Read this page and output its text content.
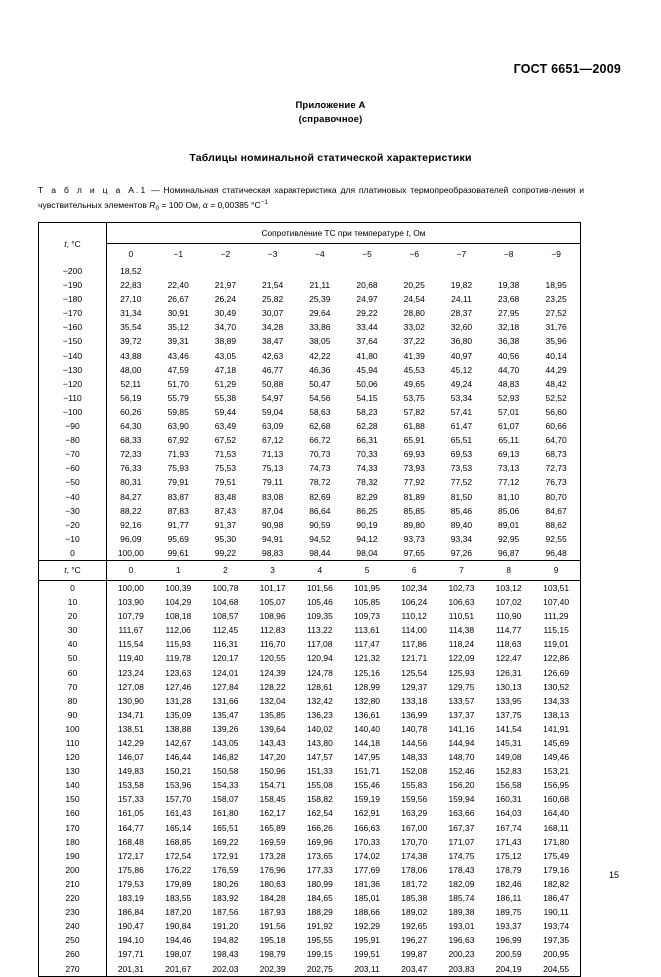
ГОСТ 6651—2009
Приложение А
(справочное)
Таблицы номинальной статической характеристики
Т а б л и ц а А.1 — Номинальная статическая характеристика для платиновых термопреобразователей сопротив-ления и чувствительных элементов $R_0 = 100$ Ом, α = 0,00385 $^\circ C^{-1}$
t, °C	Сопротивление ТС при температуре t, Ом									
	0	−1	−2	−3	−4	−5	−6	−7	−8	−9
−200	18,52									
−190	22,83	22,40	21,97	21,54	21,11	20,68	20,25	19,82	19,38	18,95
−180	27,10	26,67	26,24	25,82	25,39	24,97	24,54	24,11	23,68	23,25
−170	31,34	30,91	30,49	30,07	29,64	29,22	28,80	28,37	27,95	27,52
−160	35,54	35,12	34,70	34,28	33,86	33,44	33,02	32,60	32,18	31,76
−150	39,72	39,31	38,89	38,47	38,05	37,64	37,22	36,80	36,38	35,96
−140	43,88	43,46	43,05	42,63	42,22	41,80	41,39	40,97	40,56	40,14
−130	48,00	47,59	47,18	46,77	46,36	45,94	45,53	45,12	44,70	44,29
−120	52,11	51,70	51,29	50,88	50,47	50,06	49,65	49,24	48,83	48,42
−110	56,19	55,79	55,38	54,97	54,56	54,15	53,75	53,34	52,93	52,52
−100	60,26	59,85	59,44	59,04	58,63	58,23	57,82	57,41	57,01	56,60
−90	64,30	63,90	63,49	63,09	62,68	62,28	61,88	61,47	61,07	60,66
−80	68,33	67,92	67,52	67,12	66,72	66,31	65,91	65,51	65,11	64,70
−70	72,33	71,93	71,53	71,13	70,73	70,33	69,93	69,53	69,13	68,73
−60	76,33	75,93	75,53	75,13	74,73	74,33	73,93	73,53	73,13	72,73
−50	80,31	79,91	79,51	79,11	78,72	78,32	77,92	77,52	77,12	76,73
−40	84,27	83,87	83,48	83,08	82,69	82,29	81,89	81,50	81,10	80,70
−30	88,22	87,83	87,43	87,04	86,64	86,25	85,85	85,46	85,06	84,67
−20	92,16	91,77	91,37	90,98	90,59	90,19	89,80	89,40	89,01	88,62
−10	96,09	95,69	95,30	94,91	94,52	94,12	93,73	93,34	92,95	92,55
0	100,00	99,61	99,22	98,83	98,44	98,04	97,65	97,26	96,87	96,48
t, °C	0	1	2	3	4	5	6	7	8	9
0	100,00	100,39	100,78	101,17	101,56	101,95	102,34	102,73	103,12	103,51
10	103,90	104,29	104,68	105,07	105,46	105,85	106,24	106,63	107,02	107,40
20	107,79	108,18	108,57	108,96	109,35	109,73	110,12	110,51	110,90	111,29
30	111,67	112,06	112,45	112,83	113,22	113,61	114,00	114,38	114,77	115,15
40	115,54	115,93	116,31	116,70	117,08	117,47	117,86	118,24	118,63	119,01
50	119,40	119,78	120,17	120,55	120,94	121,32	121,71	122,09	122,47	122,86
60	123,24	123,63	124,01	124,39	124,78	125,16	125,54	125,93	126,31	126,69
70	127,08	127,46	127,84	128,22	128,61	128,99	129,37	129,75	130,13	130,52
80	130,90	131,28	131,66	132,04	132,42	132,80	133,18	133,57	133,95	134,33
90	134,71	135,09	135,47	135,85	136,23	136,61	136,99	137,37	137,75	138,13
100	138,51	138,88	139,26	139,64	140,02	140,40	140,78	141,16	141,54	141,91
110	142,29	142,67	143,05	143,43	143,80	144,18	144,56	144,94	145,31	145,69
120	146,07	146,44	146,82	147,20	147,57	147,95	148,33	148,70	149,08	149,46
130	149,83	150,21	150,58	150,96	151,33	151,71	152,08	152,46	152,83	153,21
140	153,58	153,96	154,33	154,71	155,08	155,46	155,83	156,20	156,58	156,95
150	157,33	157,70	158,07	158,45	158,82	159,19	159,56	159,94	160,31	160,68
160	161,05	161,43	161,80	162,17	162,54	162,91	163,29	163,66	164,03	164,40
170	164,77	165,14	165,51	165,89	166,26	166,63	167,00	167,37	167,74	168,11
180	168,48	168,85	169,22	169,59	169,96	170,33	170,70	171,07	171,43	171,80
190	172,17	172,54	172,91	173,28	173,65	174,02	174,38	174,75	175,12	175,49
200	175,86	176,22	176,59	176,96	177,33	177,69	178,06	178,43	178,79	179,16
210	179,53	179,89	180,26	180,63	180,99	181,36	181,72	182,09	182,46	182,82
220	183,19	183,55	183,92	184,28	184,65	185,01	185,38	185,74	186,11	186,47
230	186,84	187,20	187,56	187,93	188,29	188,66	189,02	189,38	189,75	190,11
240	190,47	190,84	191,20	191,56	191,92	192,29	192,65	193,01	193,37	193,74
250	194,10	194,46	194,82	195,18	195,55	195,91	196,27	196,63	196,99	197,35
260	197,71	198,07	198,43	198,79	199,15	199,51	199,87	200,23	200,59	200,95
270	201,31	201,67	202,03	202,39	202,75	203,11	203,47	203,83	204,19	204,55
15
